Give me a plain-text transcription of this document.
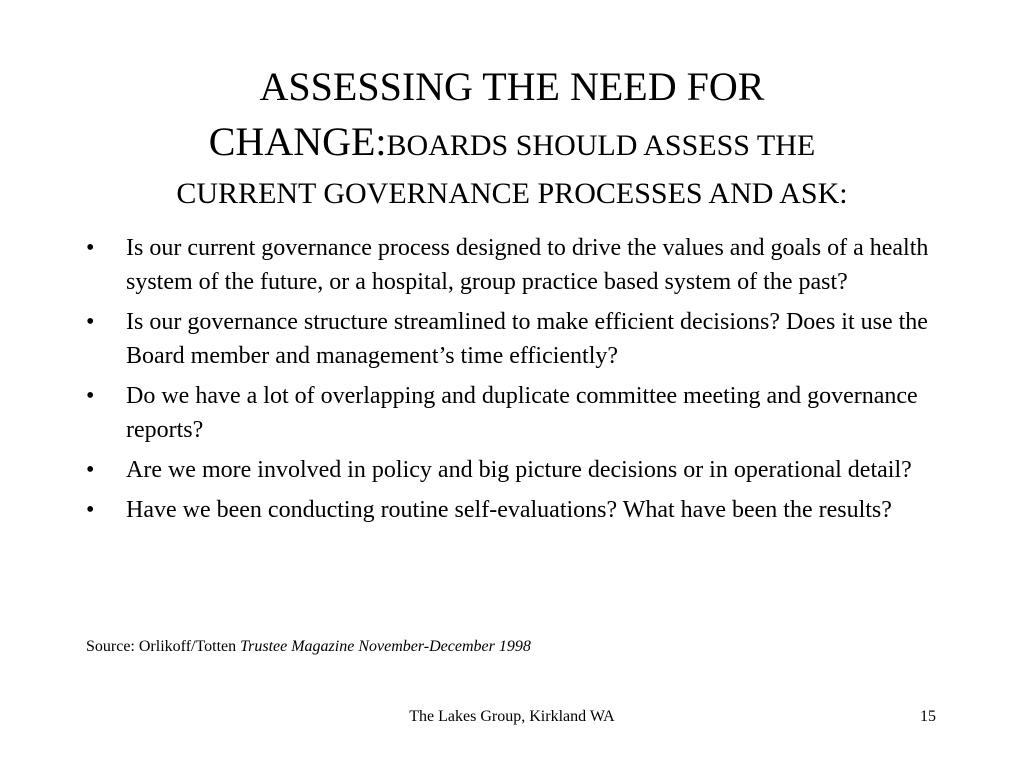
ASSESSING THE NEED FOR
CHANGE:BOARDS SHOULD ASSESS THE
CURRENT GOVERNANCE PROCESSES AND ASK:
•	Is our current governance process designed to drive the values and goals of a health system of the future, or a hospital, group practice based system of the past?
•	Is our governance structure streamlined to make efficient decisions? Does it use the Board member and management’s time efficiently?
•	Do we have a lot of overlapping and duplicate committee meeting and governance reports?
•	Are we more involved in policy and big picture decisions or in operational detail?
•	Have we been conducting routine self-evaluations? What have been the results?
Source: Orlikoff/Totten Trustee Magazine November-December 1998
The Lakes Group, Kirkland WA	15
